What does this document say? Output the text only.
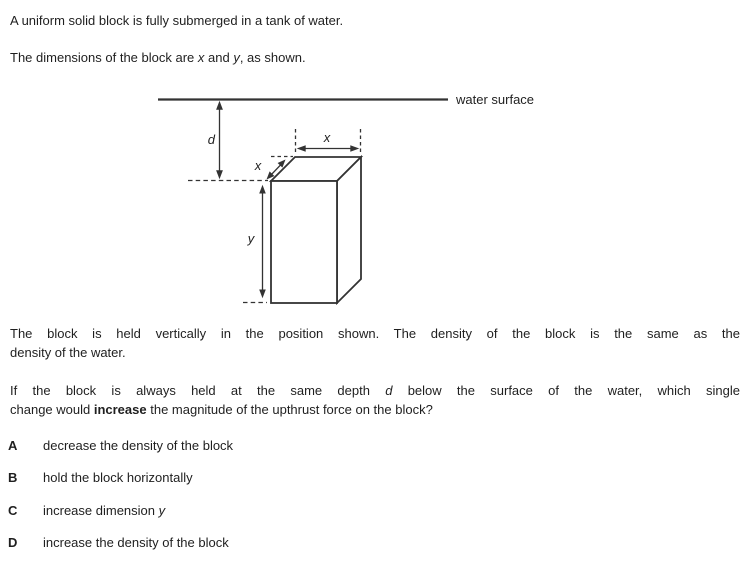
A uniform solid block is fully submerged in a tank of water.
The dimensions of the block are x and y, as shown.
water surface
d	x
x
y
The block is held vertically in the position shown. The density of the block is the same as the
density of the water.
If the block is always held at the same depth d below the surface of the water, which single
change would increase the magnitude of the upthrust force on the block?
A decrease the density of the block
B hold the block horizontally
C increase dimension y
D increase the density of the block
